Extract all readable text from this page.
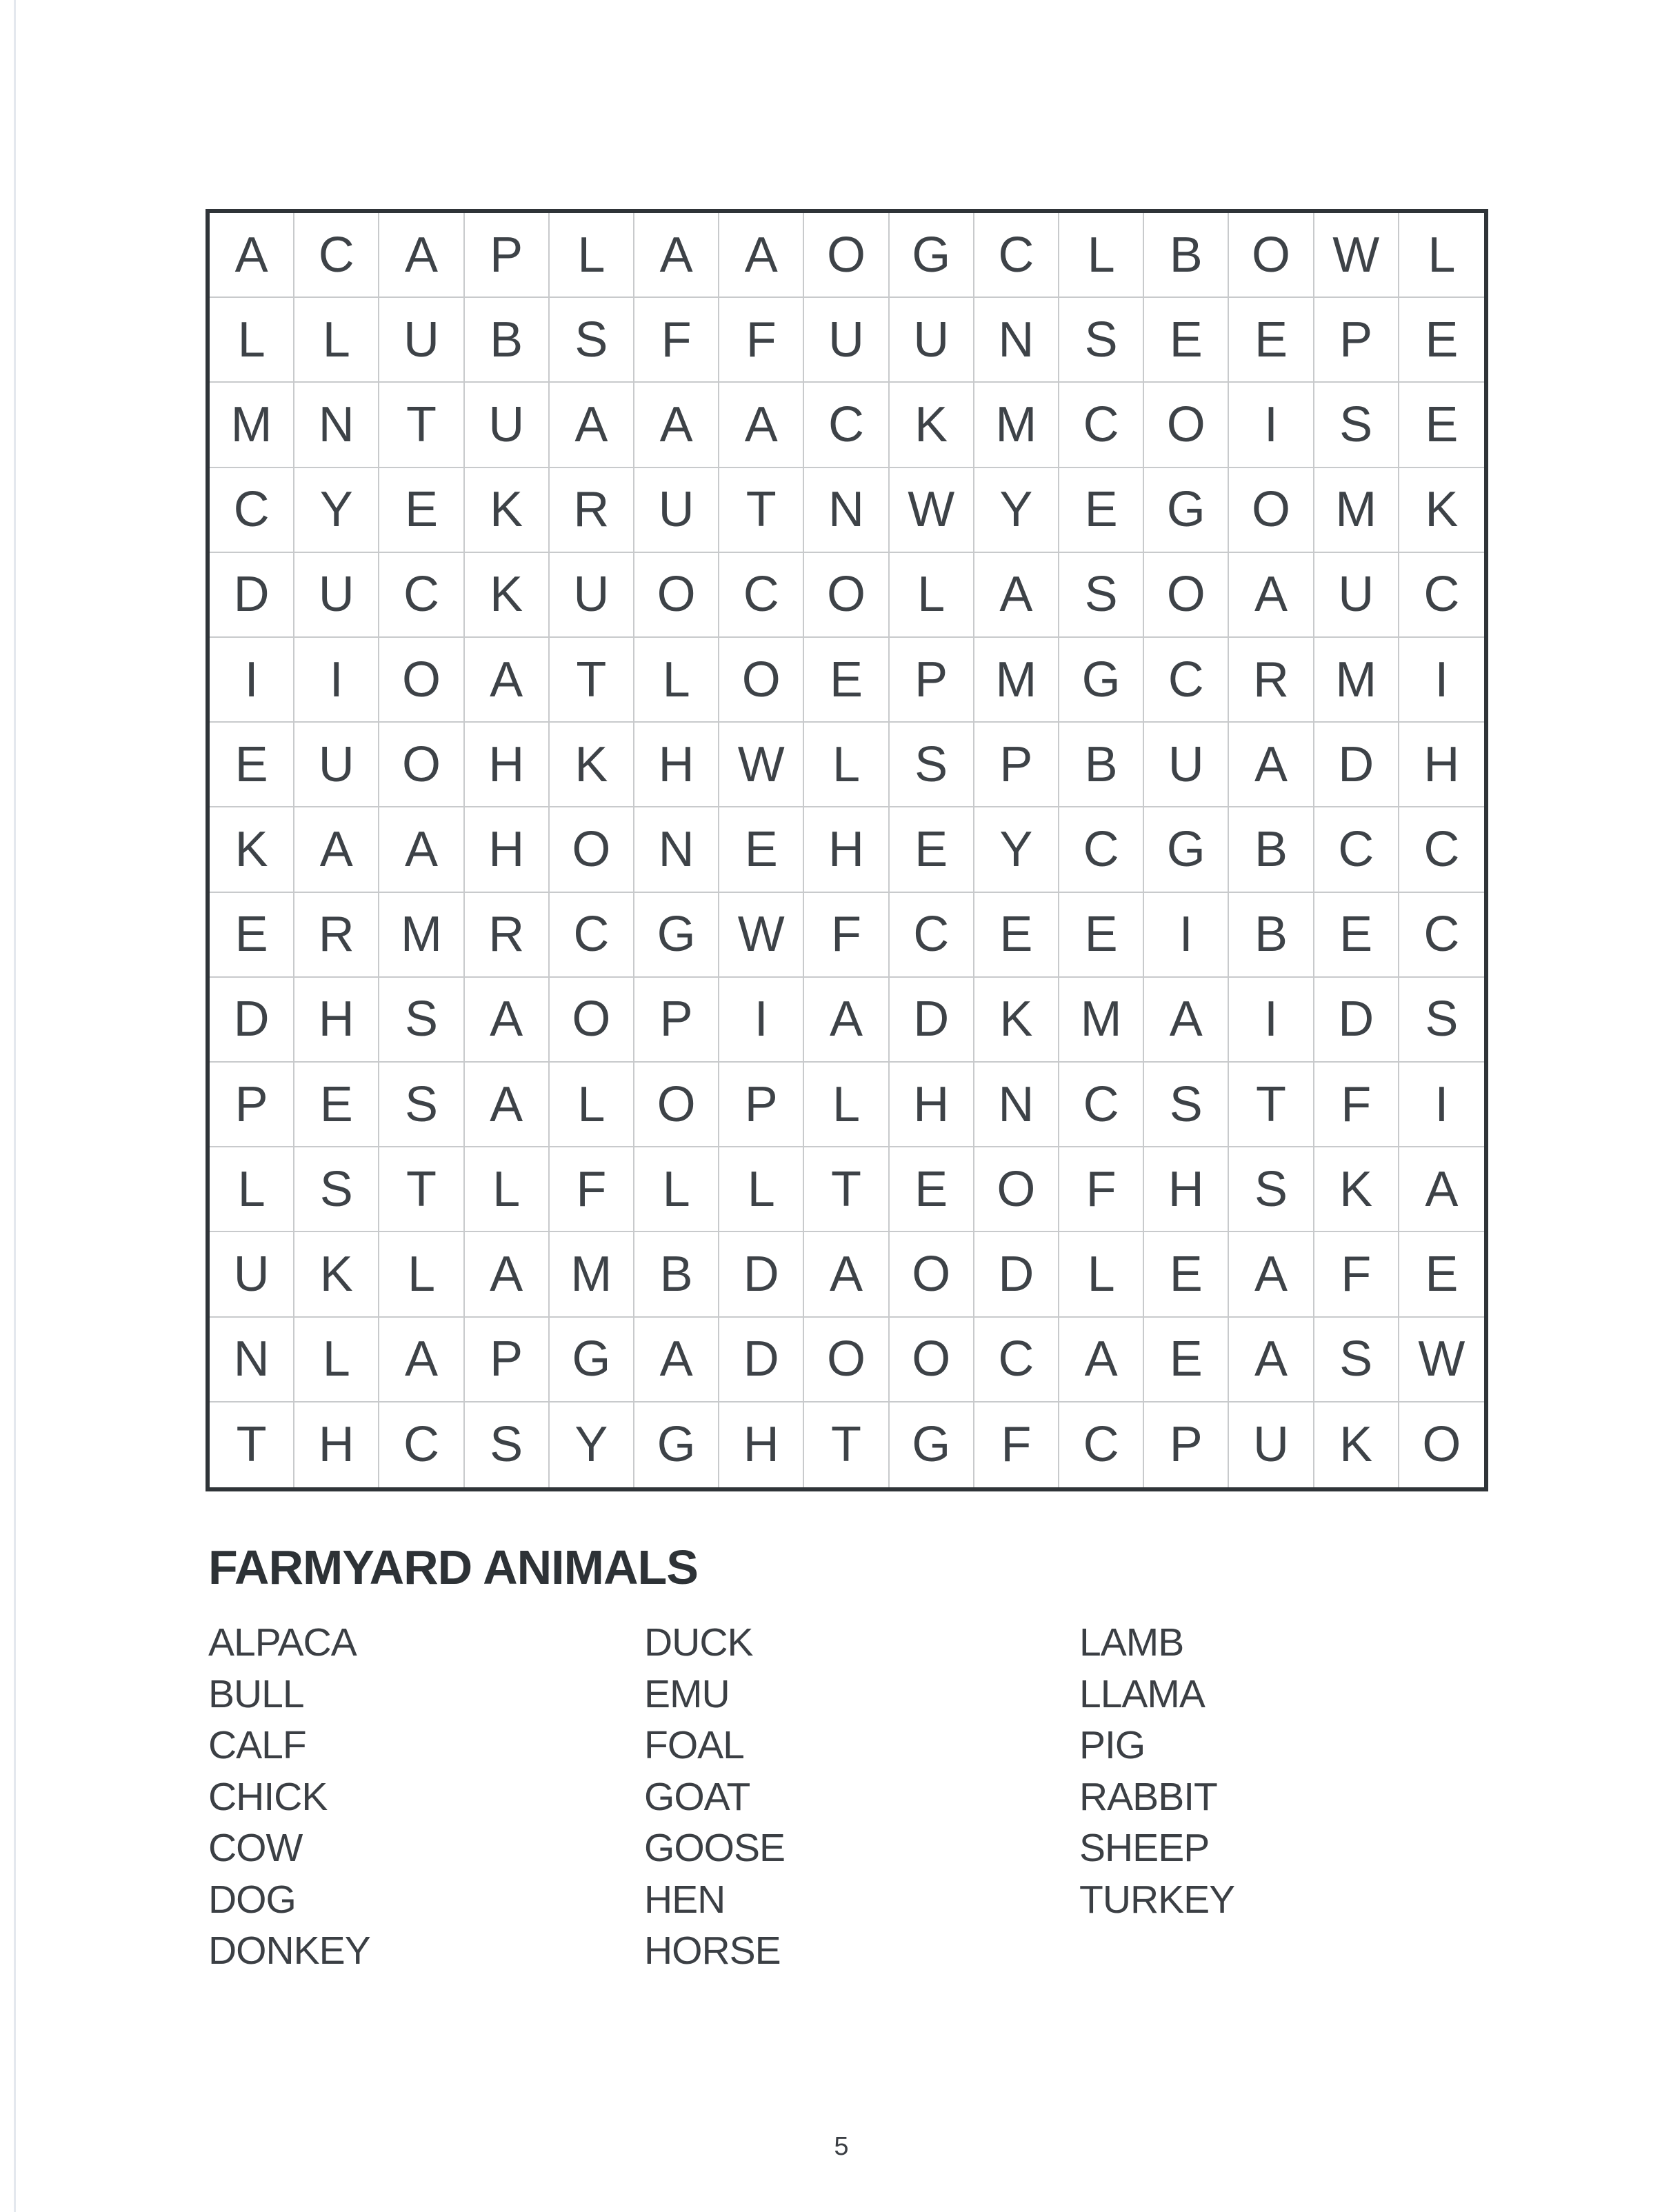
A	C	A	P	L	A	A O G C	L	B O W L
L	L	U	B	S	F	F	U U N	S	E	E	P	E
M N	T	U	A	A	A	C	K M C O	I	S	E
C	Y	E	K	R U	T	N W Y	E G O M K
D U C	K	U O C O	L	A	S O A	U	C
I	I	O A	T	L	O E	P M G C R M	I
E	U O H	K	H W L	S	P	B	U	A	D	H
K	A	A	H O N	E	H	E	Y	C G B	C	C
E	R M R C G W F	C	E	E	I	B	E	C
D H	S	A O P	I	A	D	K M A	I	D	S
P	E	S	A	L	O P	L	H N C	S	T	F	I
L	S	T	L	F	L	L	T	E O	F	H	S	K	A
U	K	L	A M B	D	A O D	L	E	A	F	E
N	L	A	P G A	D O O C	A	E	A	S W
T	H C	S	Y G H	T	G	F	C	P	U	K	O
FARMYARD ANIMALS
ALPACA
BULL
CALF
CHICK
COW
DOG
DONKEY
DUCK
EMU
FOAL
GOAT
GOOSE
HEN
HORSE
LAMB
LLAMA
PIG
RABBIT
SHEEP
TURKEY
5
